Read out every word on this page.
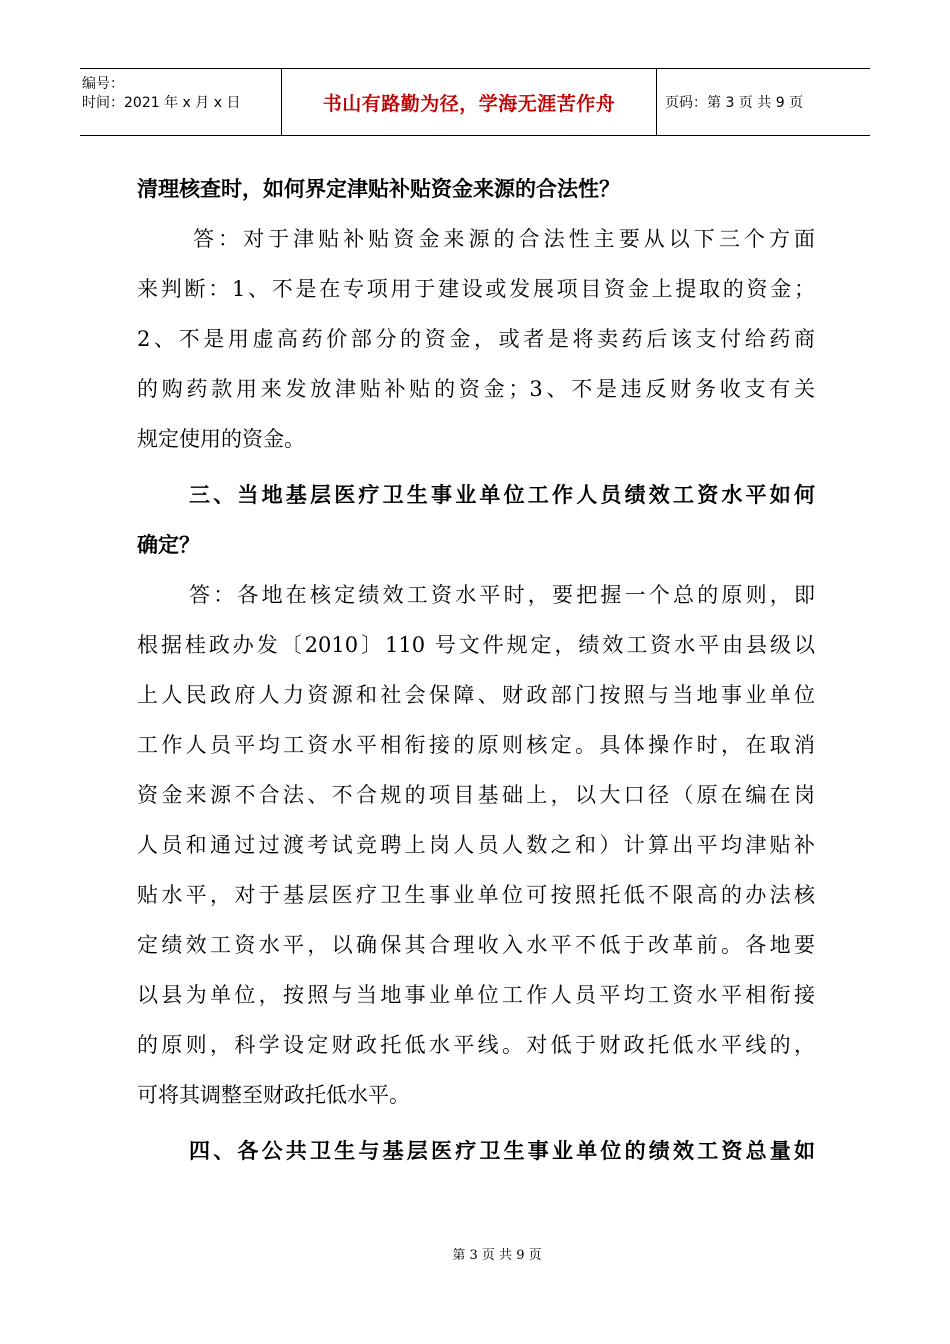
编号：
时间：2021 年 x 月 x 日	书山有路勤为径，学海无涯苦作舟	页码：第 3 页 共 9 页
清理核查时，如何界定津贴补贴资金来源的合法性？
答：对于津贴补贴资金来源的合法性主要从以下三个方面
来判断：1、不是在专项用于建设或发展项目资金上提取的资金；
2、不是用虚高药价部分的资金，或者是将卖药后该支付给药商
的购药款用来发放津贴补贴的资金；3、不是违反财务收支有关
规定使用的资金。
三、当地基层医疗卫生事业单位工作人员绩效工资水平如何
确定？
答：各地在核定绩效工资水平时，要把握一个总的原则，即
根据桂政办发〔2010〕110 号文件规定，绩效工资水平由县级以
上人民政府人力资源和社会保障、财政部门按照与当地事业单位
工作人员平均工资水平相衔接的原则核定。具体操作时，在取消
资金来源不合法、不合规的项目基础上，以大口径（原在编在岗
人员和通过过渡考试竞聘上岗人员人数之和）计算出平均津贴补
贴水平，对于基层医疗卫生事业单位可按照托低不限高的办法核
定绩效工资水平，以确保其合理收入水平不低于改革前。各地要
以县为单位，按照与当地事业单位工作人员平均工资水平相衔接
的原则，科学设定财政托低水平线。对低于财政托低水平线的，
可将其调整至财政托低水平。
四、各公共卫生与基层医疗卫生事业单位的绩效工资总量如
第 3 页 共 9 页
